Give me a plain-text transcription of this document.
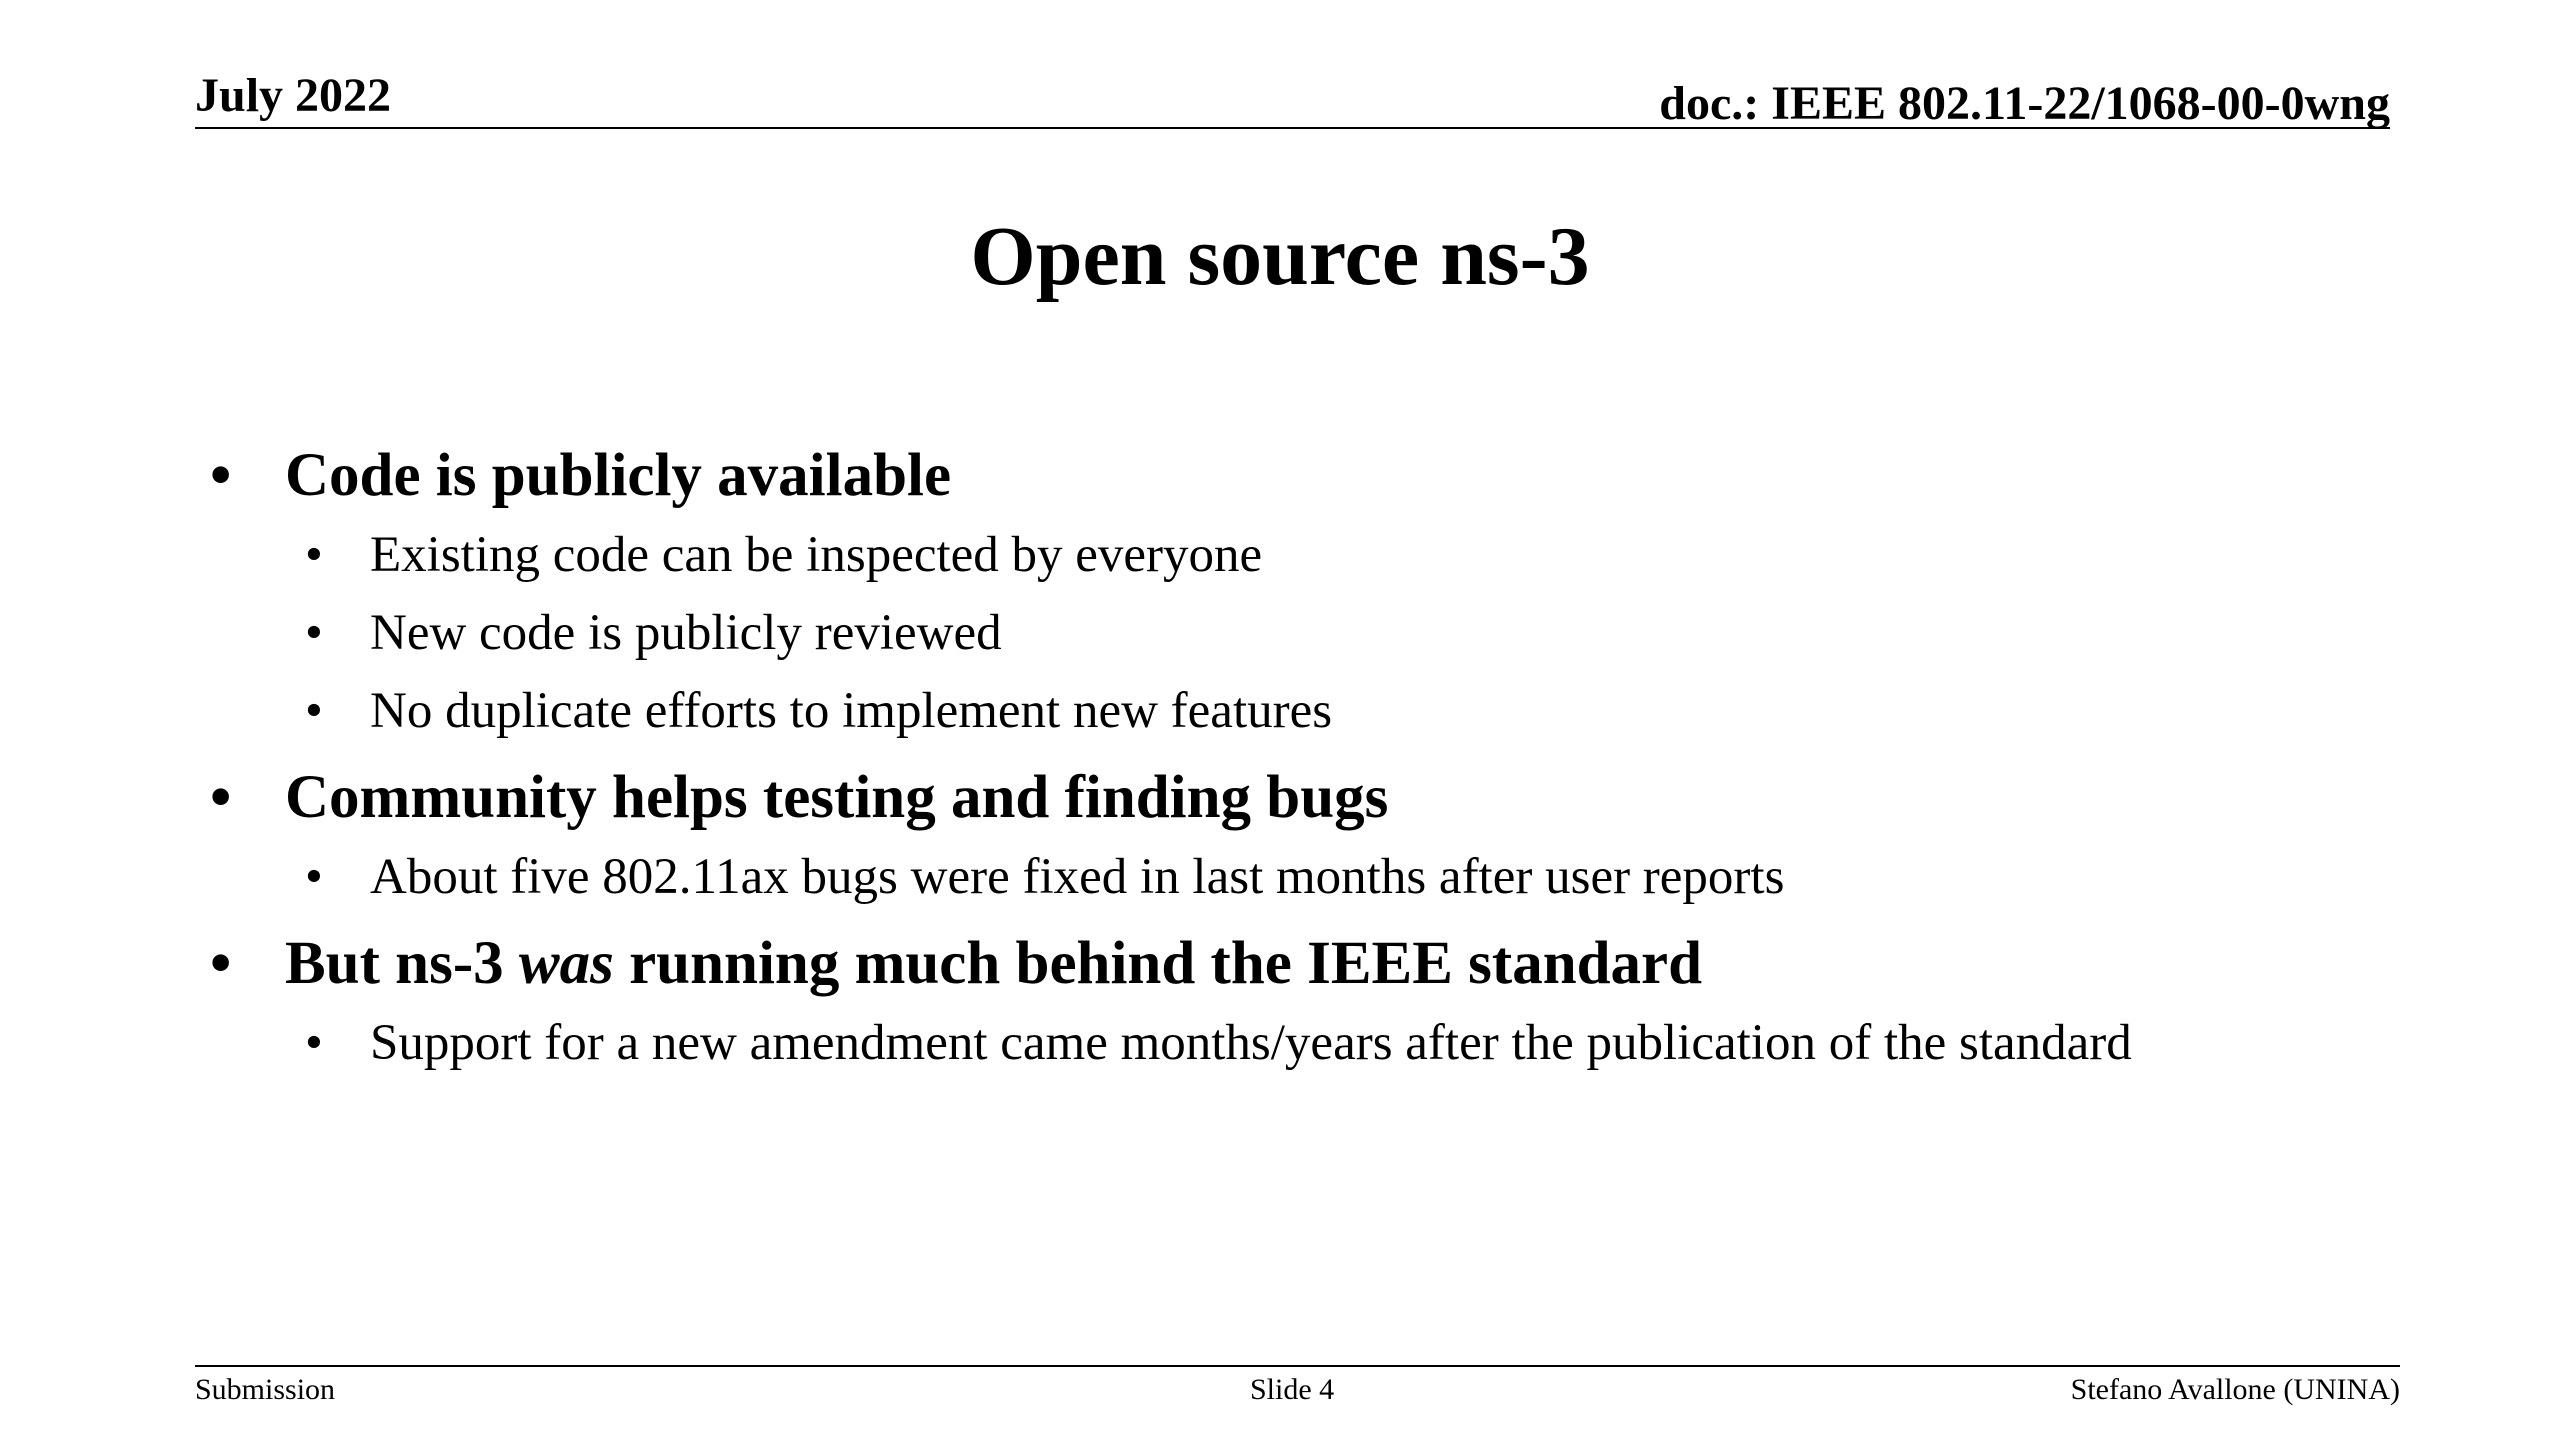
July 2022	doc.: IEEE 802.11-22/1068-00-0wng
Open source ns-3
• Code is publicly available
• Existing code can be inspected by everyone
• New code is publicly reviewed
• No duplicate efforts to implement new features
• Community helps testing and finding bugs
• About five 802.11ax bugs were fixed in last months after user reports
• But ns-3 was running much behind the IEEE standard
• Support for a new amendment came months/years after the publication of the standard
Submission	Slide 4	Stefano Avallone (UNINA)
